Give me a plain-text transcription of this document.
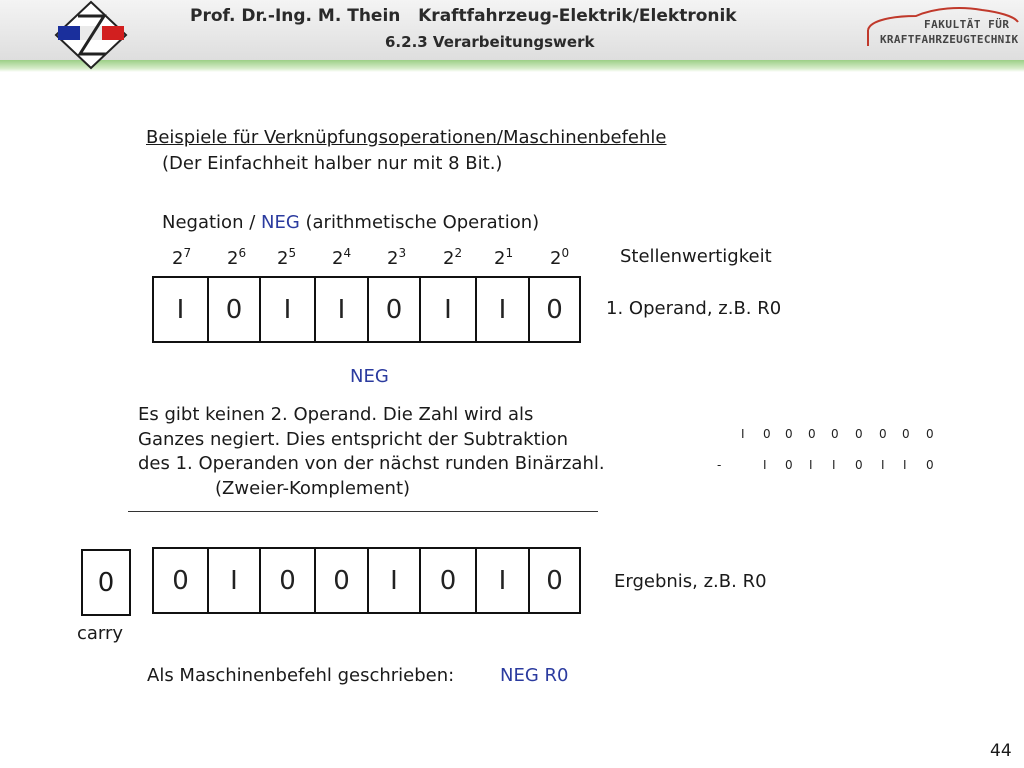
FAKULTÄT FÜR
KRAFTFAHRZEUGTECHNIK
Prof. Dr.-Ing. M. Thein   Kraftfahrzeug-Elektrik/Elektronik
6.2.3 Verarbeitungswerk
Beispiele für Verknüpfungsoperationen/Maschinenbefehle
(Der Einfachheit halber nur mit 8 Bit.)
Negation / NEG (arithmetische Operation)
$2^7$ $2^6$ $2^5$ $2^4$ $2^3$ $2^2$ $2^1$ $2^0$	Stellenwertigkeit
I	0	I	I	0	I	I	0	1. Operand, z.B. R0
NEG
Es gibt keinen 2. Operand. Die Zahl wird als
Ganzes negiert. Dies entspricht der Subtraktion
des 1. Operanden von der nächst runden Binärzahl.
(Zweier-Komplement)
I 0 0 0 0 0 0 0 0
-	I 0 I I 0 I I 0
0
carry
0	I	0	0	I	0	I	0	Ergebnis, z.B. R0
Als Maschinenbefehl geschrieben:	NEG R0
44
